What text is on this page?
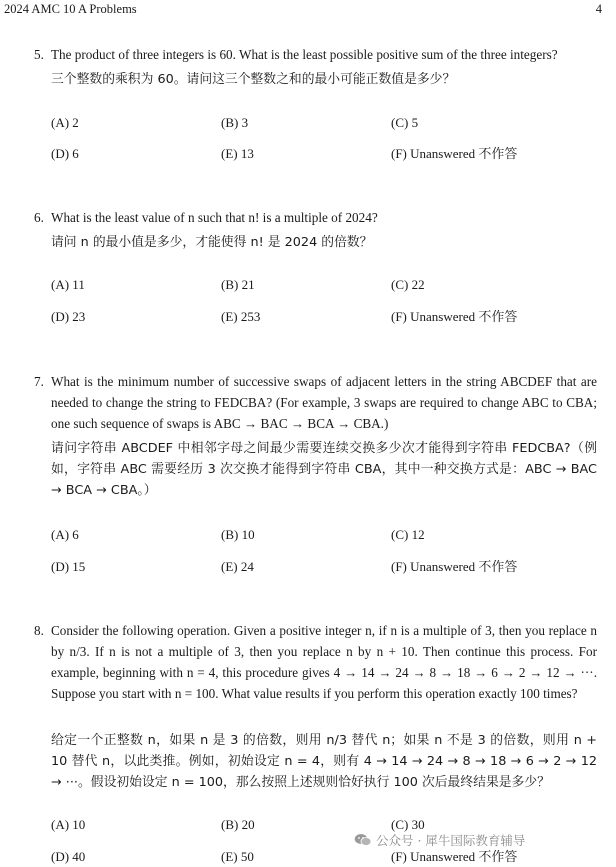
2024 AMC 10 A Problems	4
5. The product of three integers is 60. What is the least possible positive sum of the three integers?

三个整数的乘积为 60。请问这三个整数之和的最小可能正数值是多少？

(A) 2	(B) 3	(C) 5
(D) 6	(E) 13	(F) Unanswered 不作答
6. What is the least value of n such that n! is a multiple of 2024?

请问 n 的最小值是多少，才能使得 n! 是 2024 的倍数？

(A) 11	(B) 21	(C) 22
(D) 23	(E) 253	(F) Unanswered 不作答
7. What is the minimum number of successive swaps of adjacent letters in the string ABCDEF that are needed to change the string to FEDCBA? (For example, 3 swaps are required to change ABC to CBA; one such sequence of swaps is ABC → BAC → BCA → CBA.)

请问字符串 ABCDEF 中相邻字母之间最少需要连续交换多少次才能得到字符串 FEDCBA?（例如，字符串 ABC 需要经历 3 次交换才能得到字符串 CBA，其中一种交换方式是：ABC → BAC → BCA → CBA。）

(A) 6	(B) 10	(C) 12
(D) 15	(E) 24	(F) Unanswered 不作答
8. Consider the following operation. Given a positive integer n, if n is a multiple of 3, then you replace n by n/3. If n is not a multiple of 3, then you replace n by n + 10. Then continue this process. For example, beginning with n = 4, this procedure gives 4 → 14 → 24 → 8 → 18 → 6 → 2 → 12 → ···. Suppose you start with n = 100. What value results if you perform this operation exactly 100 times?

给定一个正整数 n，如果 n 是 3 的倍数，则用 n/3 替代 n；如果 n 不是 3 的倍数，则用 n + 10 替代 n，以此类推。例如，初始设定 n = 4，则有 4 → 14 → 24 → 8 → 18 → 6 → 2 → 12 → ···。假设初始设定 n = 100，那么按照上述规则恰好执行 100 次后最终结果是多少？

(A) 10	(B) 20	(C) 30
(D) 40	(E) 50	(F) Unanswered 不作答
公众号 · 犀牛国际教育辅导
